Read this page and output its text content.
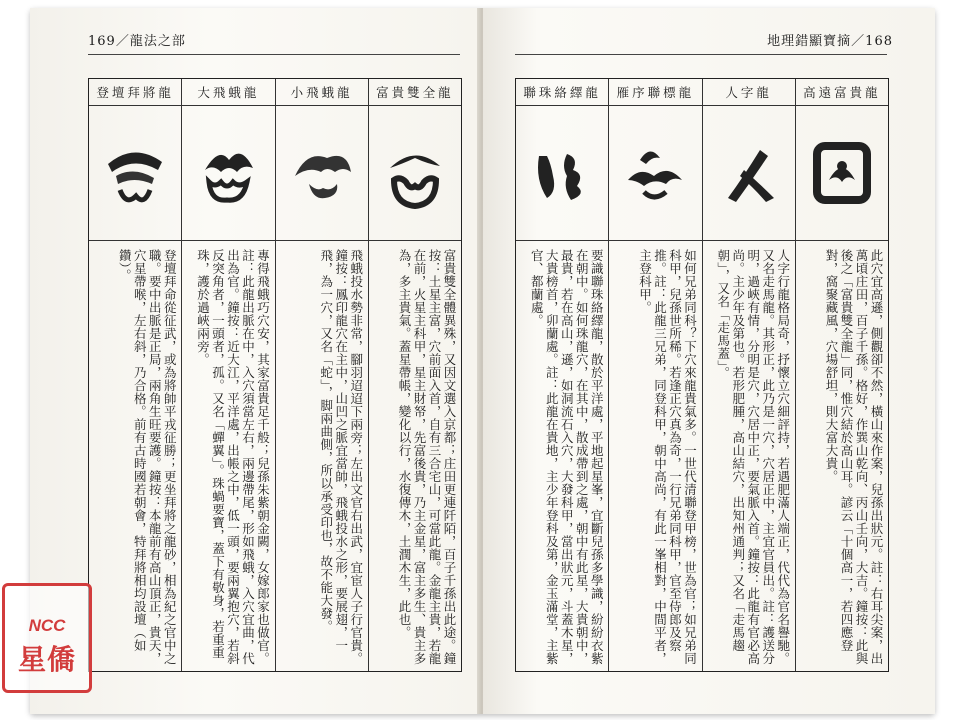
169／龍法之部
登壇拜將龍

登壇拜命從征武，或為將帥平戎征勝；更坐拜將之龍砂，相為紀之官中之職。要中出脈是正局，兩角生旺要護。鐘按：本龍前有高山頂正，貴天，穴星帶喉，左右斜，乃合格。前有古時國若朝會，特拜將相均設壇（如鑽）。

大飛蛾龍

專得飛蛾巧穴安，其家富貴足千般；兒孫朱紫朝金闕，女嫁郎家也做官。註：此龍出脈在中，入穴須當左右，兩邊帶尾，形如飛蛾，入穴宜曲，代出為官。鐘按：近大江，平洋處，出帳之中，低一頭，要兩翼抱穴，若斜反突角者，一頭者，孤。又名「蟬翼」。珠蝸要寶，蓋下有敬身，若重重珠，護於過峽兩旁。

小飛蛾龍

飛蛾投水勢非常，腳羽迢迢下兩旁；左出文官右出武，宜宦人子行官貴。鐘按：鳳印龍穴在主中，山凹之脈宜當帥，飛蛾投水之形，要展翅，一飛，為一穴，又名「蛇」，脚兩曲側，所以承受印也，故不能大發。

富貴雙全龍

富貴雙全體異殊，又因文選入京都；庄田更連阡陌，百子千孫出此途。鐘按：土星主富，穴前面入首，自有三合宅山，可當此龍。金龍主貴，若龍在前，火星主科甲，星主財帑，先富後貴，乃主金星，富主多生、貴主多為，多主貴氣。蓋星帶帳，變化以行，水復傳木，土潤木生，此也。

地理錯顯寶摘／168
聯珠絡繹龍

要識聯珠絡繹龍，散於平洋處，平地起星峯，宜斷兒孫多學識，紛紛衣紫在朝中。如何珠龍穴，在其中，散成帶到之處，朝中有此星，大貴朝中，最貴，若在高山，遜，如洞流石入穴，大發科甲，當出狀元，斗蓋木星，大貴榜首，卯蘭處。註：此龍在貴地，主少年登科及第，金玉滿堂，主紫官、都蘭處。

雁序聯標龍

如何兄弟同科？下穴來龍貴氣多。一世代清聯登甲榜，世為官；如兄弟同科甲，兒孫世所稀。若逢正穴真為奇，一行兄弟同科甲，官至侍郎及察推。註：此龍三兄弟，同登科甲，朝中高尚，有此一峯相對，中間平者，主登科甲。

人字龍

人字行龍格局奇，抒懷立穴細評持，若遇肥滿人端正，代代為官名譽馳。又名走馬龍。其形正，此乃是一穴，穴居正中，主宜官員出。註：護送分明，過峽有情，分明是穴，穴居中正，要氣脈入首。鐘按：此龍有官必高尚。主少年及第也。若形肥腫，高山結穴，出知州通判；又名「走馬趨朝」，又名「走馬蓋」。

高遠富貴龍

此穴宜高遜，側觀卻不然，橫山來作案，兒孫出狀元。註：右耳尖案，出萬頃庄田，百子千孫。格好，作巽山乾向、丙山壬向，大吉。鐘按：此與後之「富貴雙全龍」同，惟穴結於高山耳。諺云「十個高一，若四應登對，窩聚藏風，穴場舒坦，則大富大貴。

NCC
星僑
